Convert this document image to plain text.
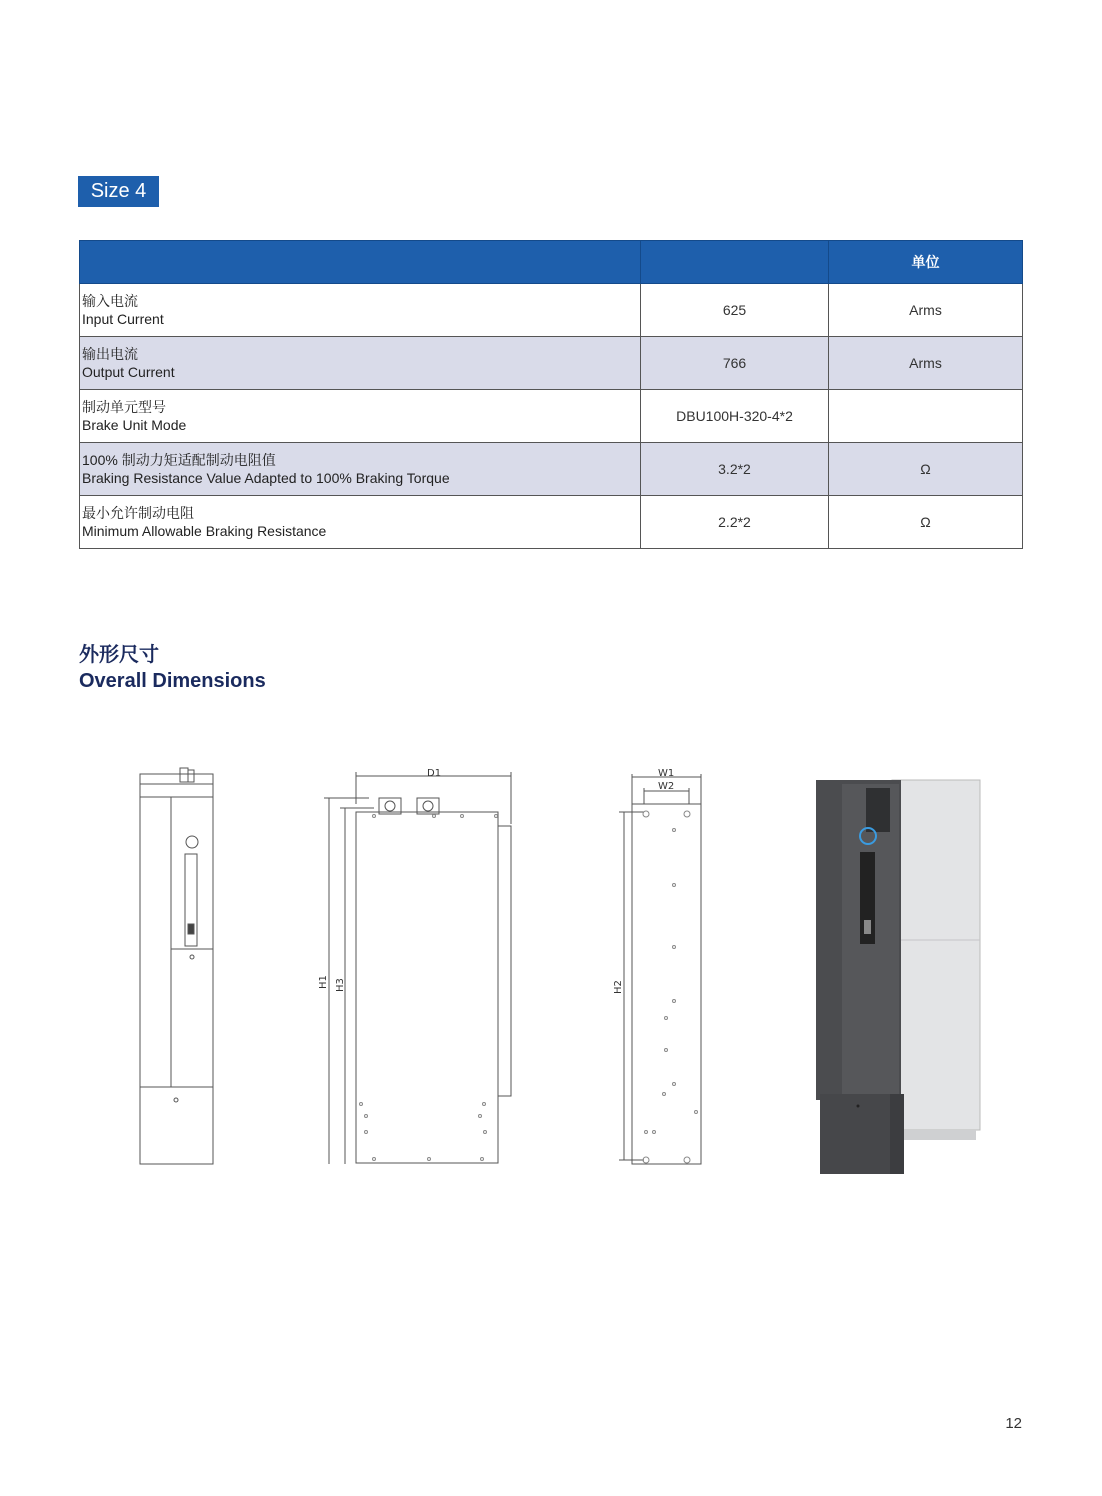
Size 4
		单位

输入电流
Input Current	625	Arms

输出电流
Output Current	766	Arms

制动单元型号
Brake Unit Mode	DBU100H-320-4*2	

100% 制动力矩适配制动电阻值
Braking Resistance Value Adapted to 100% Braking Torque	3.2*2	Ω

最小允许制动电阻
Minimum Allowable Braking Resistance	2.2*2	Ω
外形尺寸
Overall Dimensions
D1
H1 H3
W1
W2
H2
12
